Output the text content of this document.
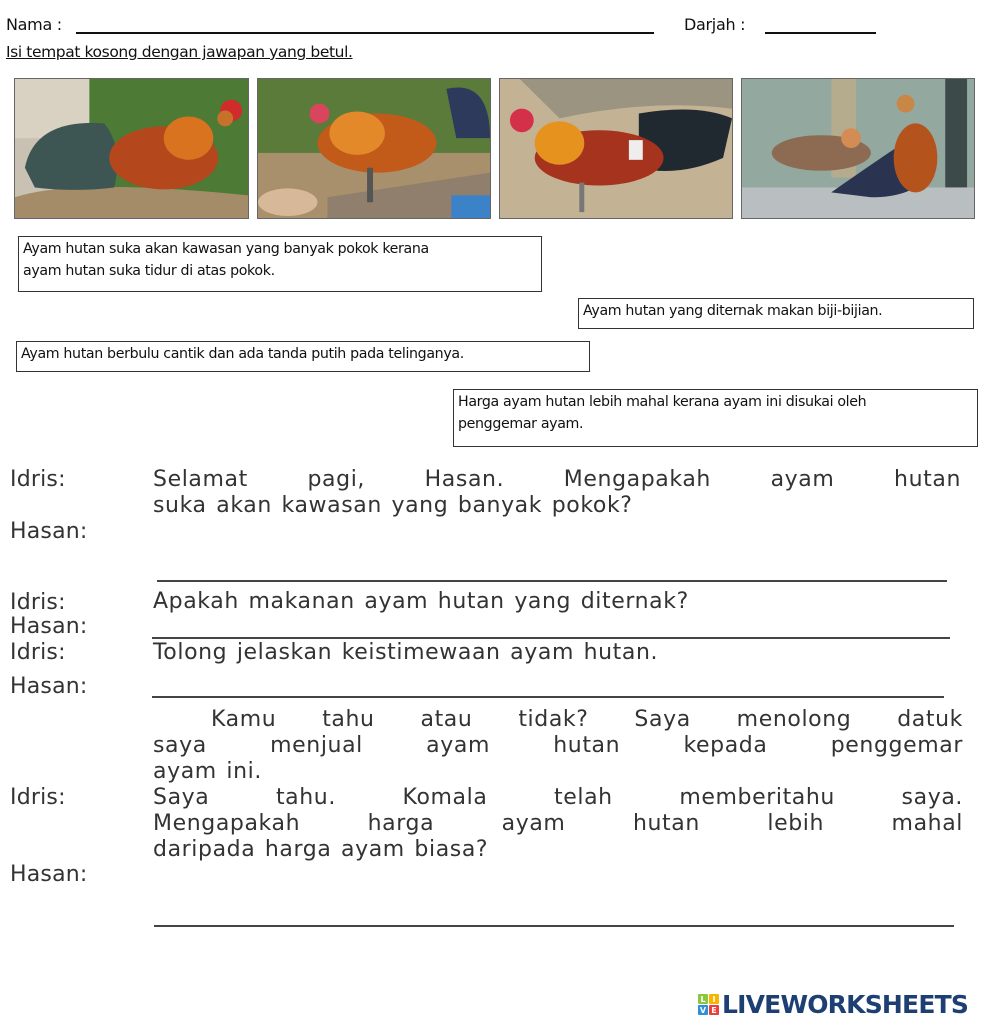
Nama :	Darjah :
Isi tempat kosong dengan jawapan yang betul.
Ayam hutan suka akan kawasan yang banyak pokok kerana
ayam hutan suka tidur di atas pokok.
Ayam hutan yang diternak makan biji-bijian.
Ayam hutan berbulu cantik dan ada tanda putih pada telinganya.
Harga ayam hutan lebih mahal kerana ayam ini disukai oleh
penggemar ayam.
Idris:	Selamat pagi, Hasan. Mengapakah ayam hutan
suka akan kawasan yang banyak pokok?
Hasan:
Idris:	Apakah makanan ayam hutan yang diternak?
Hasan:
Idris:	Tolong jelaskan keistimewaan ayam hutan.
Hasan:
Kamu tahu atau tidak? Saya menolong datuk
saya menjual ayam hutan kepada penggemar
ayam ini.
Idris:	Saya tahu. Komala telah memberitahu saya.
Mengapakah harga ayam hutan lebih mahal
daripada harga ayam biasa?
Hasan:
L I
V E LIVEWORKSHEETS
